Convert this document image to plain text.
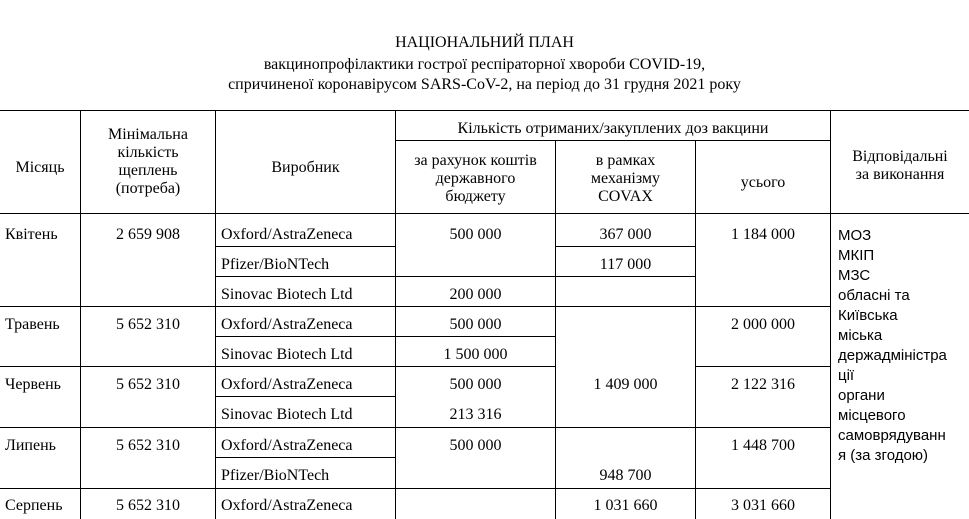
НАЦІОНАЛЬНИЙ ПЛАН
вакцинопрофілактики гострої респіраторної хвороби COVID-19,
спричиненої коронавірусом SARS-CoV-2, на період до 31 грудня 2021 року
Місяць
Мінімальна
кількість
щеплень
(потреба)
Виробник
Кількість отриманих/закуплених доз вакцини
за рахунок коштів
державного
бюджету
в рамках
механізму
COVAX
усього
Відповідальні
за виконання
Квітень
Травень
Червень
Липень
Серпень
2 659 908
5 652 310
5 652 310
5 652 310
5 652 310
Oxford/AstraZeneca
Pfizer/BioNTech
Sinovac Biotech Ltd
Oxford/AstraZeneca
Sinovac Biotech Ltd
Oxford/AstraZeneca
Sinovac Biotech Ltd
Oxford/AstraZeneca
Pfizer/BioNTech
Oxford/AstraZeneca
500 000
200 000
500 000
1 500 000
500 000
213 316
500 000
367 000
117 000
1 409 000
948 700
1 031 660
1 184 000
2 000 000
2 122 316
1 448 700
3 031 660
МОЗ
МКІП
МЗС
обласні та
Київська
міська
держадміністра
ції
органи
місцевого
самоврядуванн
я (за згодою)
